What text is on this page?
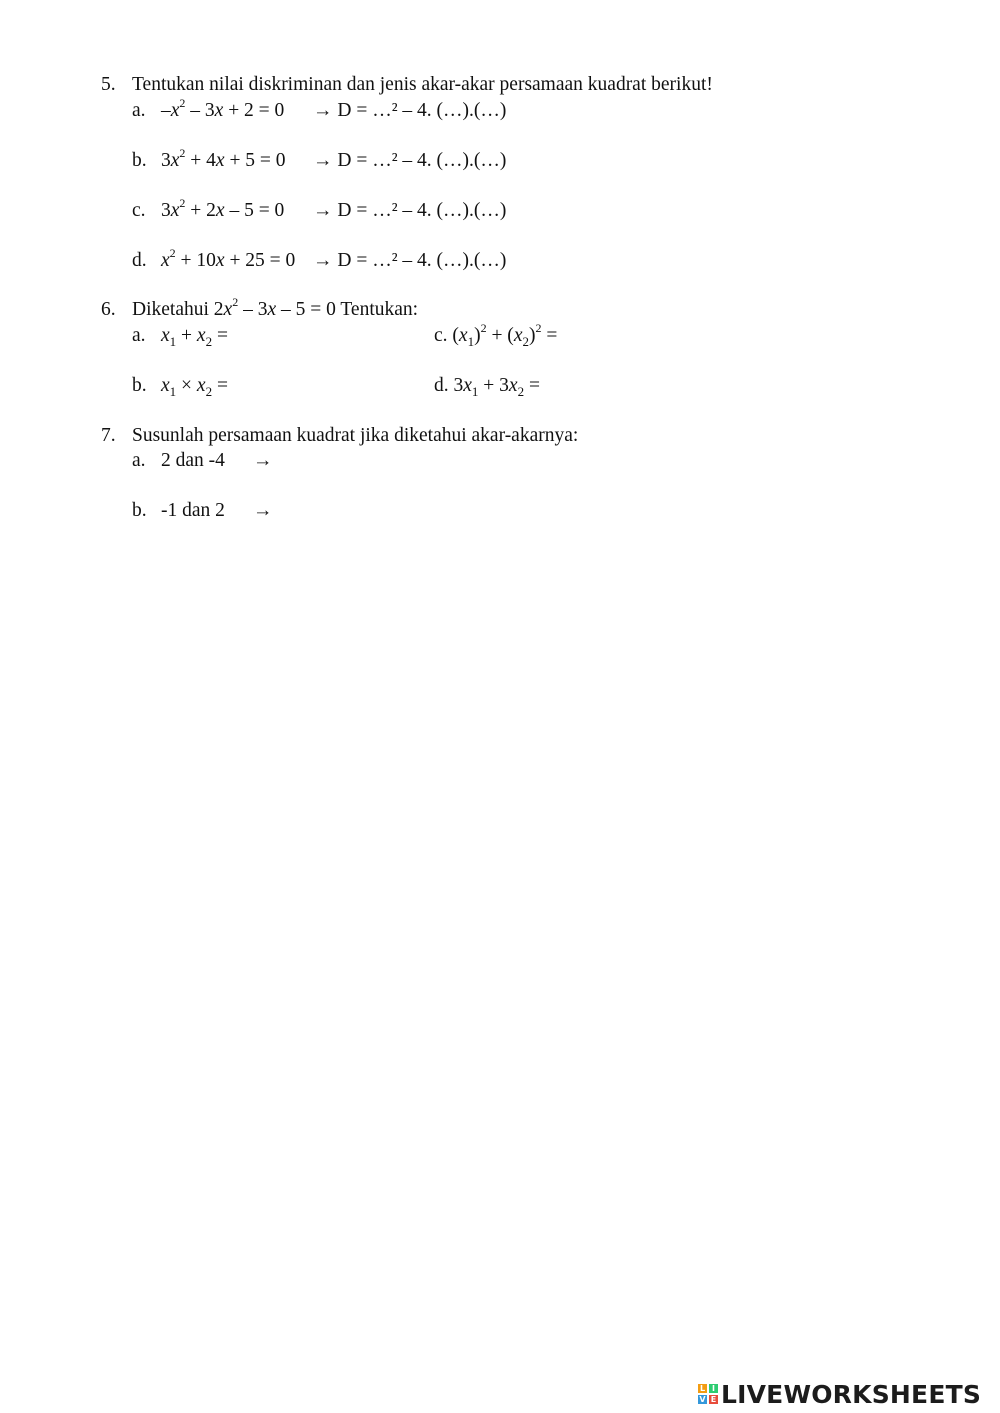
5. Tentukan nilai diskriminan dan jenis akar-akar persamaan kuadrat berikut!
a. $-x^2 - 3x + 2 = 0 \to D$ = …² – 4. (…).(…)
b. $3x^2 + 4x + 5 = 0 \to D$ = …² – 4. (…).(…)
c. $3x^2 + 2x - 5 = 0 \to D$ = …² – 4. (…).(…)
d. $x^2 + 10x + 25 = 0 \to D$ = …² – 4. (…).(…)
6. Diketahui $2x^2 - 3x - 5 = 0$ Tentukan:
a. $x_1 + x_2$ =	c. $(x_1)^2 + (x_2)^2$ =
b. $x_1 \times x_2$ =	d. $3x_1 + 3x_2$ =
7. Susunlah persamaan kuadrat jika diketahui akar-akarnya:
a. 2 dan -4 →
b. -1 dan 2 →
L I
V E LIVEWORKSHEETS
